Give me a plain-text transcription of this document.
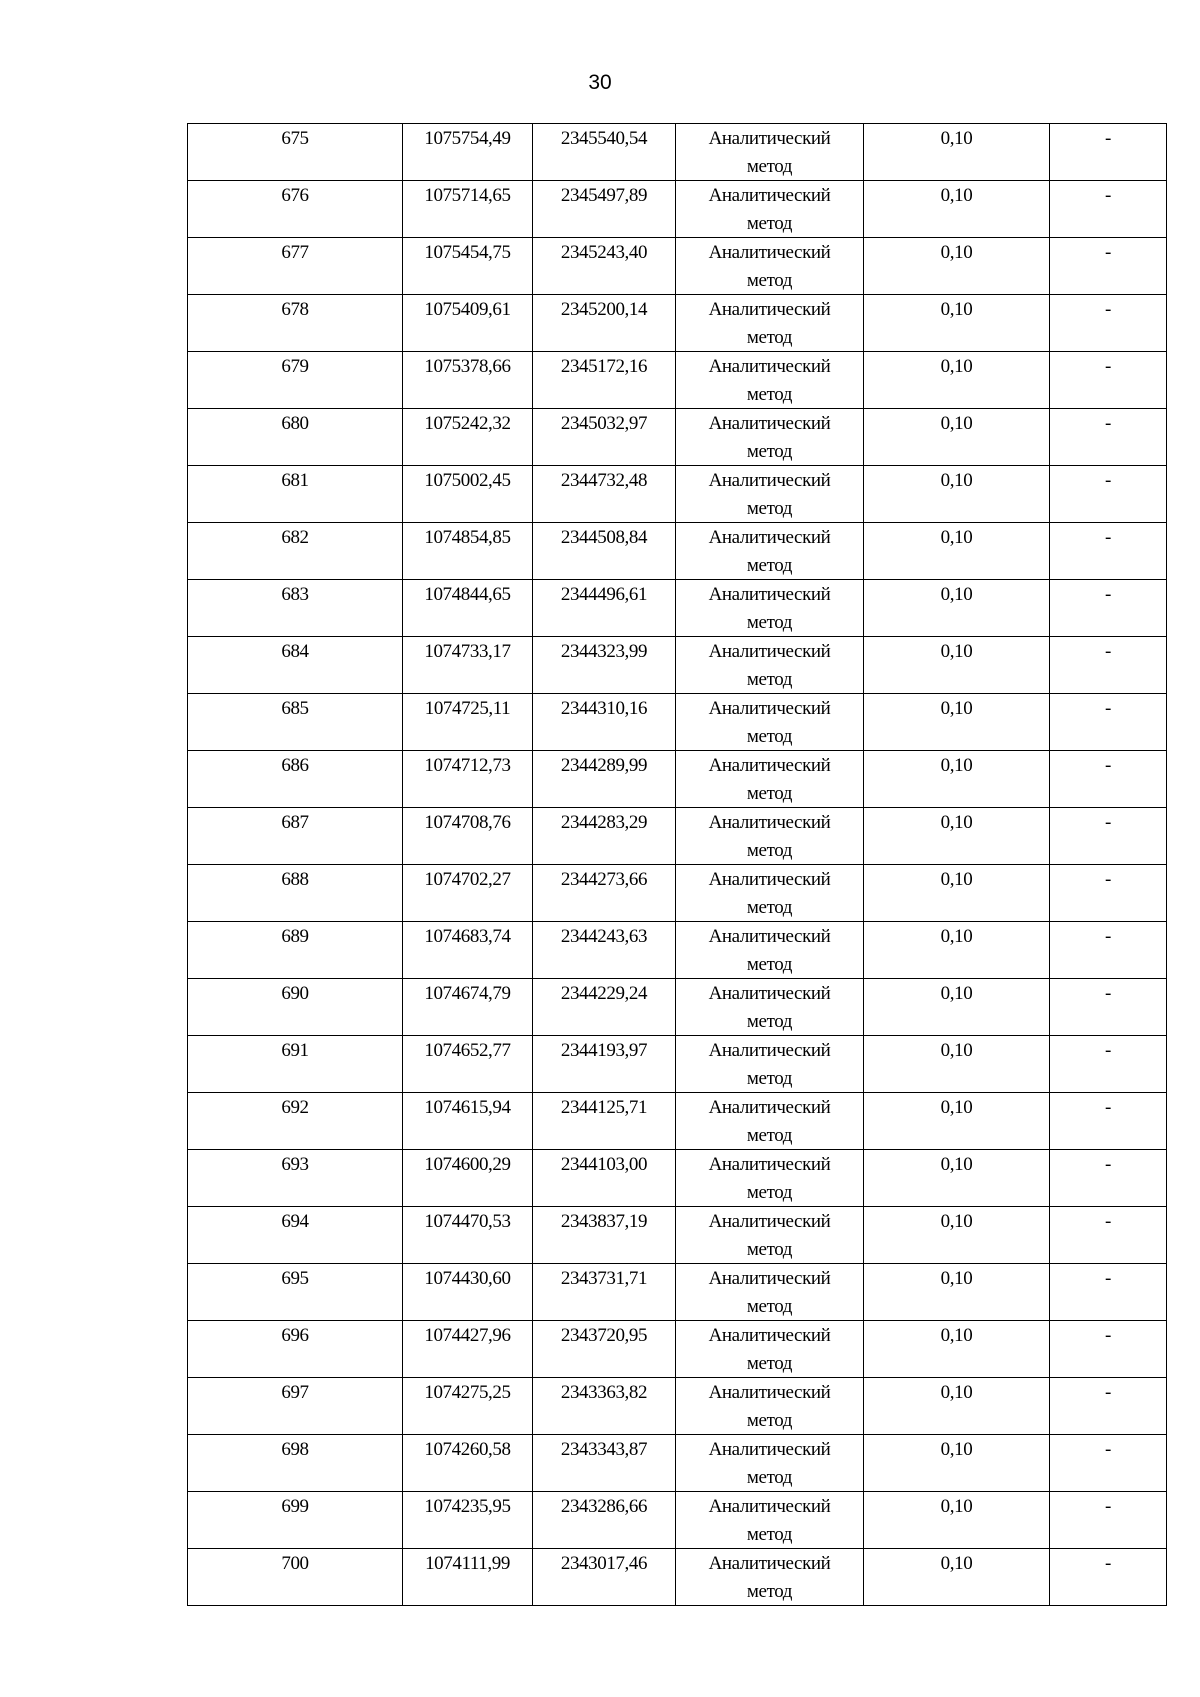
30
675	1075754,49	2345540,54	Аналитический
метод	0,10	-

676	1075714,65	2345497,89	Аналитический
метод	0,10	-

677	1075454,75	2345243,40	Аналитический
метод	0,10	-

678	1075409,61	2345200,14	Аналитический
метод	0,10	-

679	1075378,66	2345172,16	Аналитический
метод	0,10	-

680	1075242,32	2345032,97	Аналитический
метод	0,10	-

681	1075002,45	2344732,48	Аналитический
метод	0,10	-

682	1074854,85	2344508,84	Аналитический
метод	0,10	-

683	1074844,65	2344496,61	Аналитический
метод	0,10	-

684	1074733,17	2344323,99	Аналитический
метод	0,10	-

685	1074725,11	2344310,16	Аналитический
метод	0,10	-

686	1074712,73	2344289,99	Аналитический
метод	0,10	-

687	1074708,76	2344283,29	Аналитический
метод	0,10	-

688	1074702,27	2344273,66	Аналитический
метод	0,10	-

689	1074683,74	2344243,63	Аналитический
метод	0,10	-

690	1074674,79	2344229,24	Аналитический
метод	0,10	-

691	1074652,77	2344193,97	Аналитический
метод	0,10	-

692	1074615,94	2344125,71	Аналитический
метод	0,10	-

693	1074600,29	2344103,00	Аналитический
метод	0,10	-

694	1074470,53	2343837,19	Аналитический
метод	0,10	-

695	1074430,60	2343731,71	Аналитический
метод	0,10	-

696	1074427,96	2343720,95	Аналитический
метод	0,10	-

697	1074275,25	2343363,82	Аналитический
метод	0,10	-

698	1074260,58	2343343,87	Аналитический
метод	0,10	-

699	1074235,95	2343286,66	Аналитический
метод	0,10	-

700	1074111,99	2343017,46	Аналитический
метод	0,10	-
